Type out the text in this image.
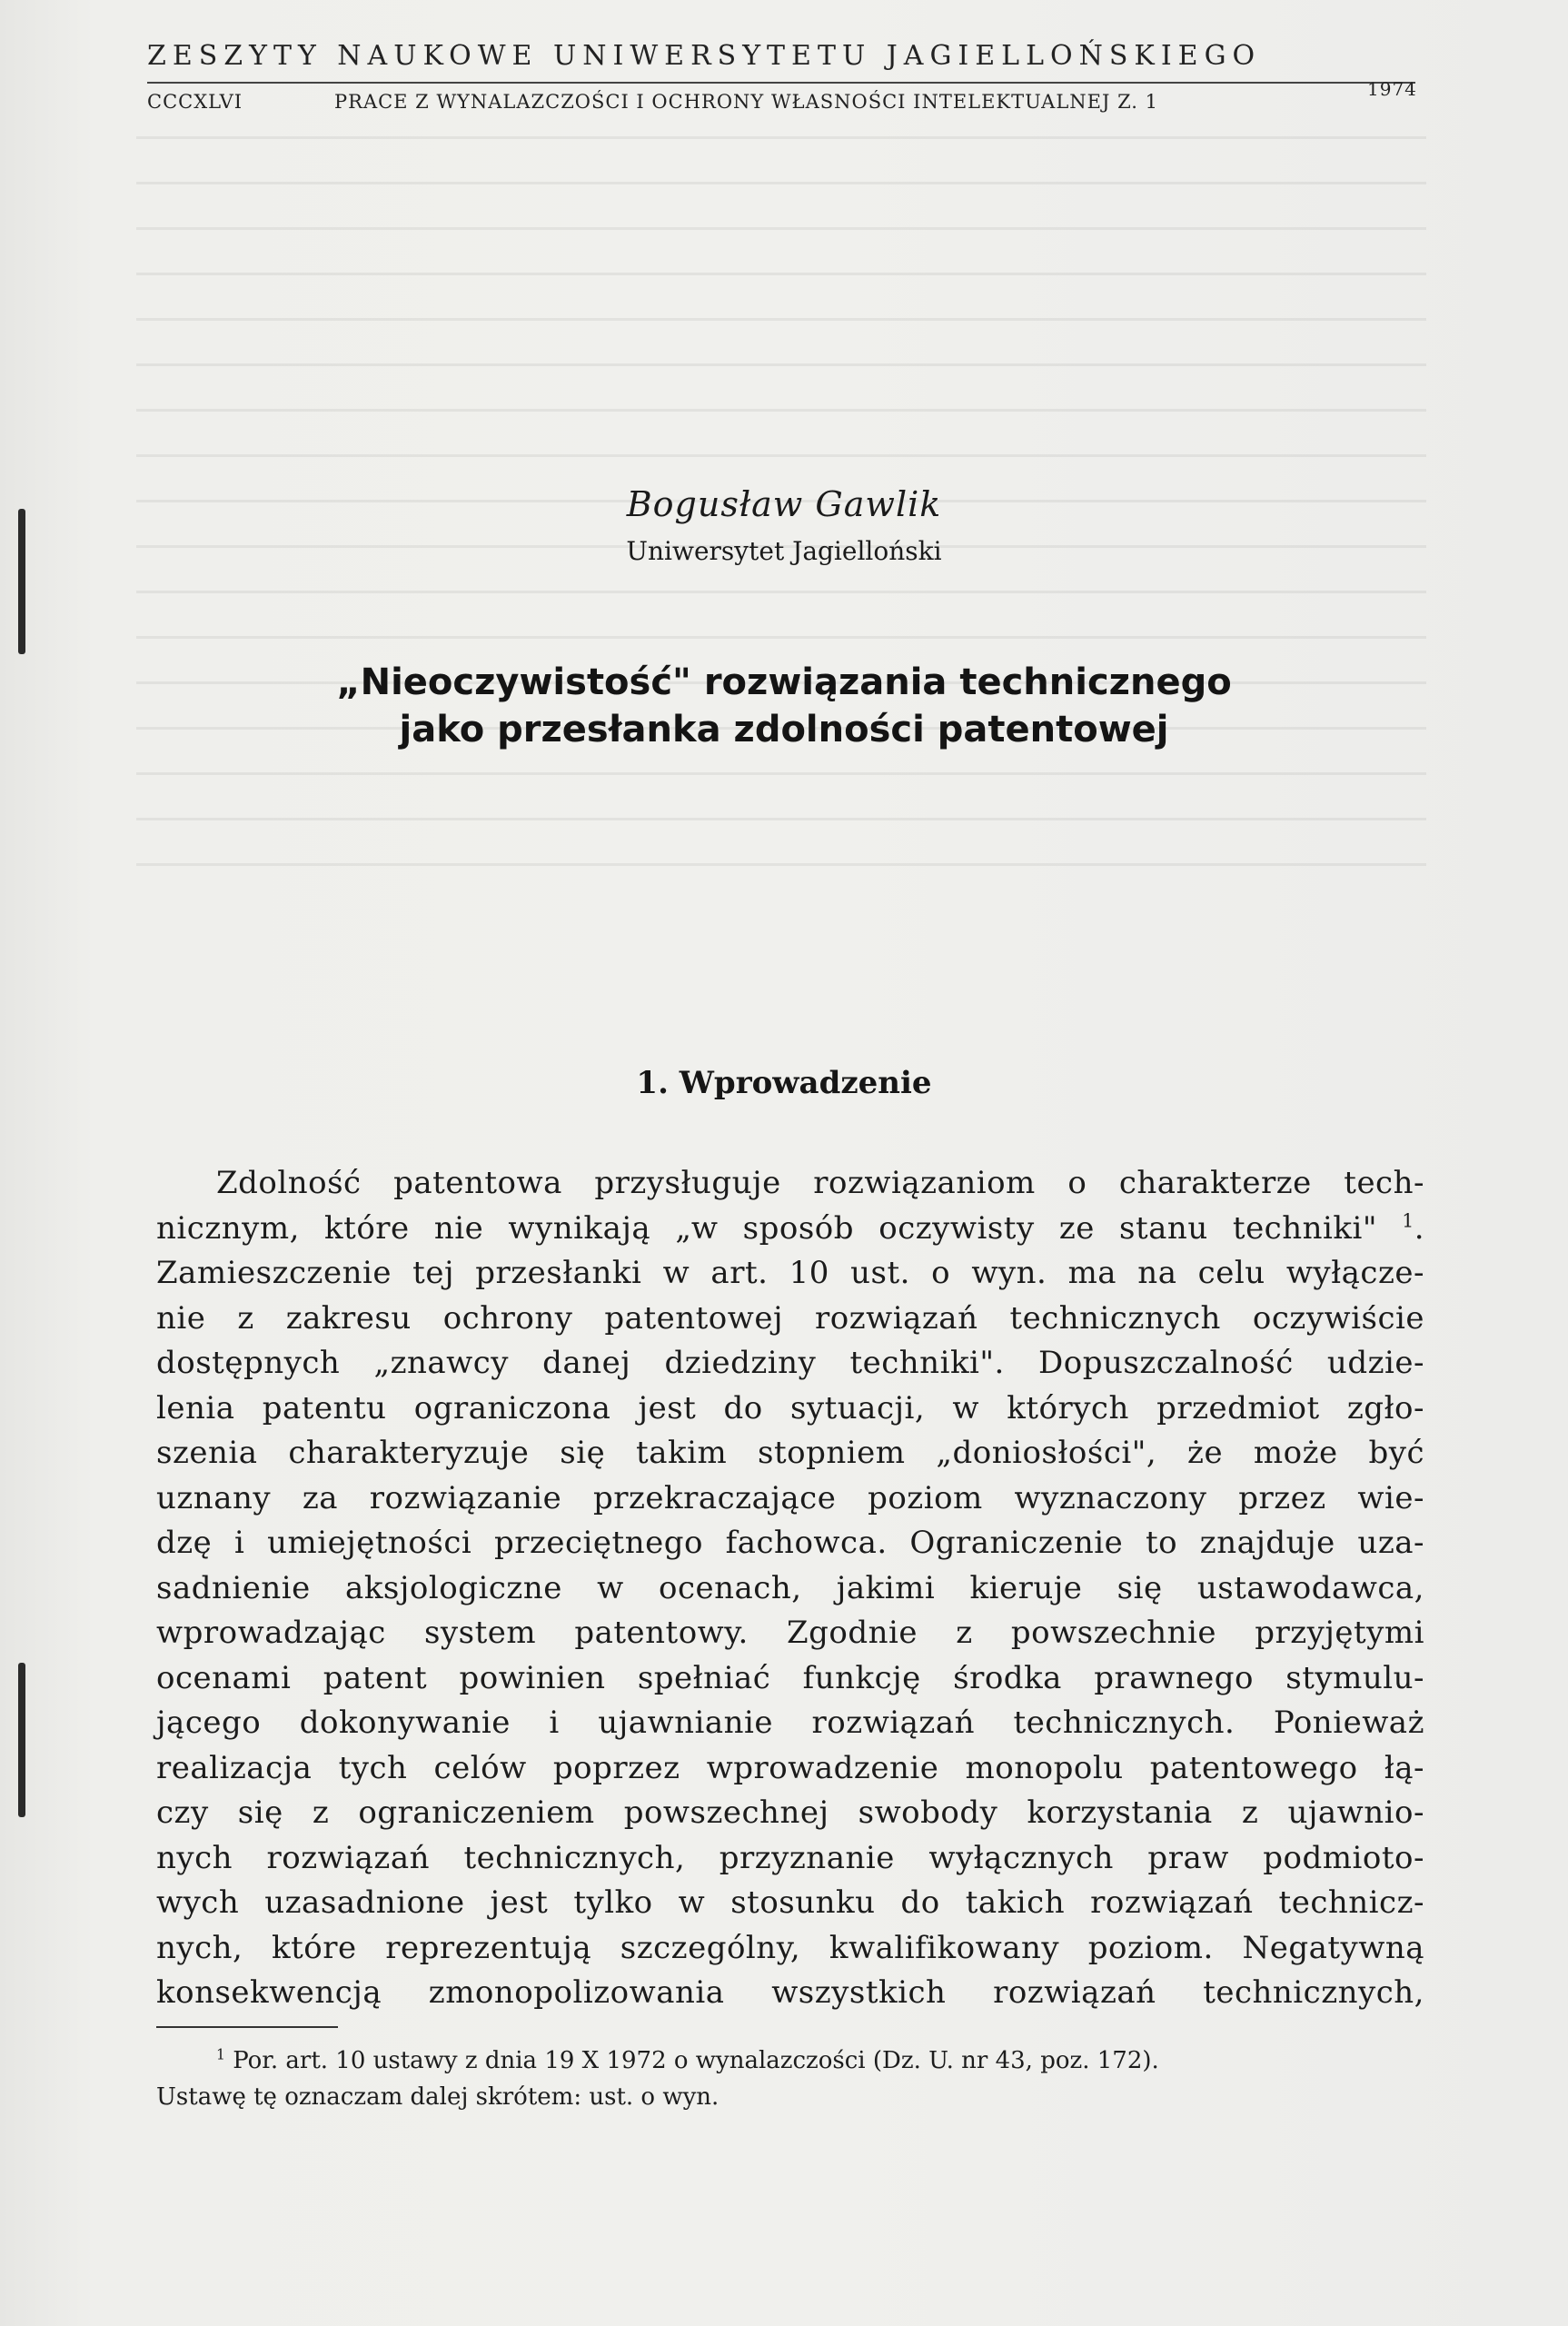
ZESZYTY NAUKOWE UNIWERSYTETU JAGIELLOŃSKIEGO
CCCXLVI	PRACE Z WYNALAZCZOŚCI I OCHRONY WŁASNOŚCI INTELEKTUALNEJ Z. 1
1974
Bogusław Gawlik
Uniwersytet Jagielloński
„Nieoczywistość" rozwiązania technicznego
jako przesłanka zdolności patentowej
1. Wprowadzenie
Zdolność patentowa przysługuje rozwiązaniom o charakterze tech-
nicznym, które nie wynikają „w sposób oczywisty ze stanu techniki" $^1$.
Zamieszczenie tej przesłanki w art. 10 ust. o wyn. ma na celu wyłącze-
nie z zakresu ochrony patentowej rozwiązań technicznych oczywiście
dostępnych „znawcy danej dziedziny techniki". Dopuszczalność udzie-
lenia patentu ograniczona jest do sytuacji, w których przedmiot zgło-
szenia charakteryzuje się takim stopniem „doniosłości", że może być
uznany za rozwiązanie przekraczające poziom wyznaczony przez wie-
dzę i umiejętności przeciętnego fachowca. Ograniczenie to znajduje uza-
sadnienie aksjologiczne w ocenach, jakimi kieruje się ustawodawca,
wprowadzając system patentowy. Zgodnie z powszechnie przyjętymi
ocenami patent powinien spełniać funkcję środka prawnego stymulu-
jącego dokonywanie i ujawnianie rozwiązań technicznych. Ponieważ
realizacja tych celów poprzez wprowadzenie monopolu patentowego łą-
czy się z ograniczeniem powszechnej swobody korzystania z ujawnio-
nych rozwiązań technicznych, przyznanie wyłącznych praw podmioto-
wych uzasadnione jest tylko w stosunku do takich rozwiązań technicz-
nych, które reprezentują szczególny, kwalifikowany poziom. Negatywną
konsekwencją zmonopolizowania wszystkich rozwiązań technicznych,
$^1$ Por. art. 10 ustawy z dnia 19 X 1972 o wynalazczości (Dz. U. nr 43, poz. 172).
Ustawę tę oznaczam dalej skrótem: ust. o wyn.
